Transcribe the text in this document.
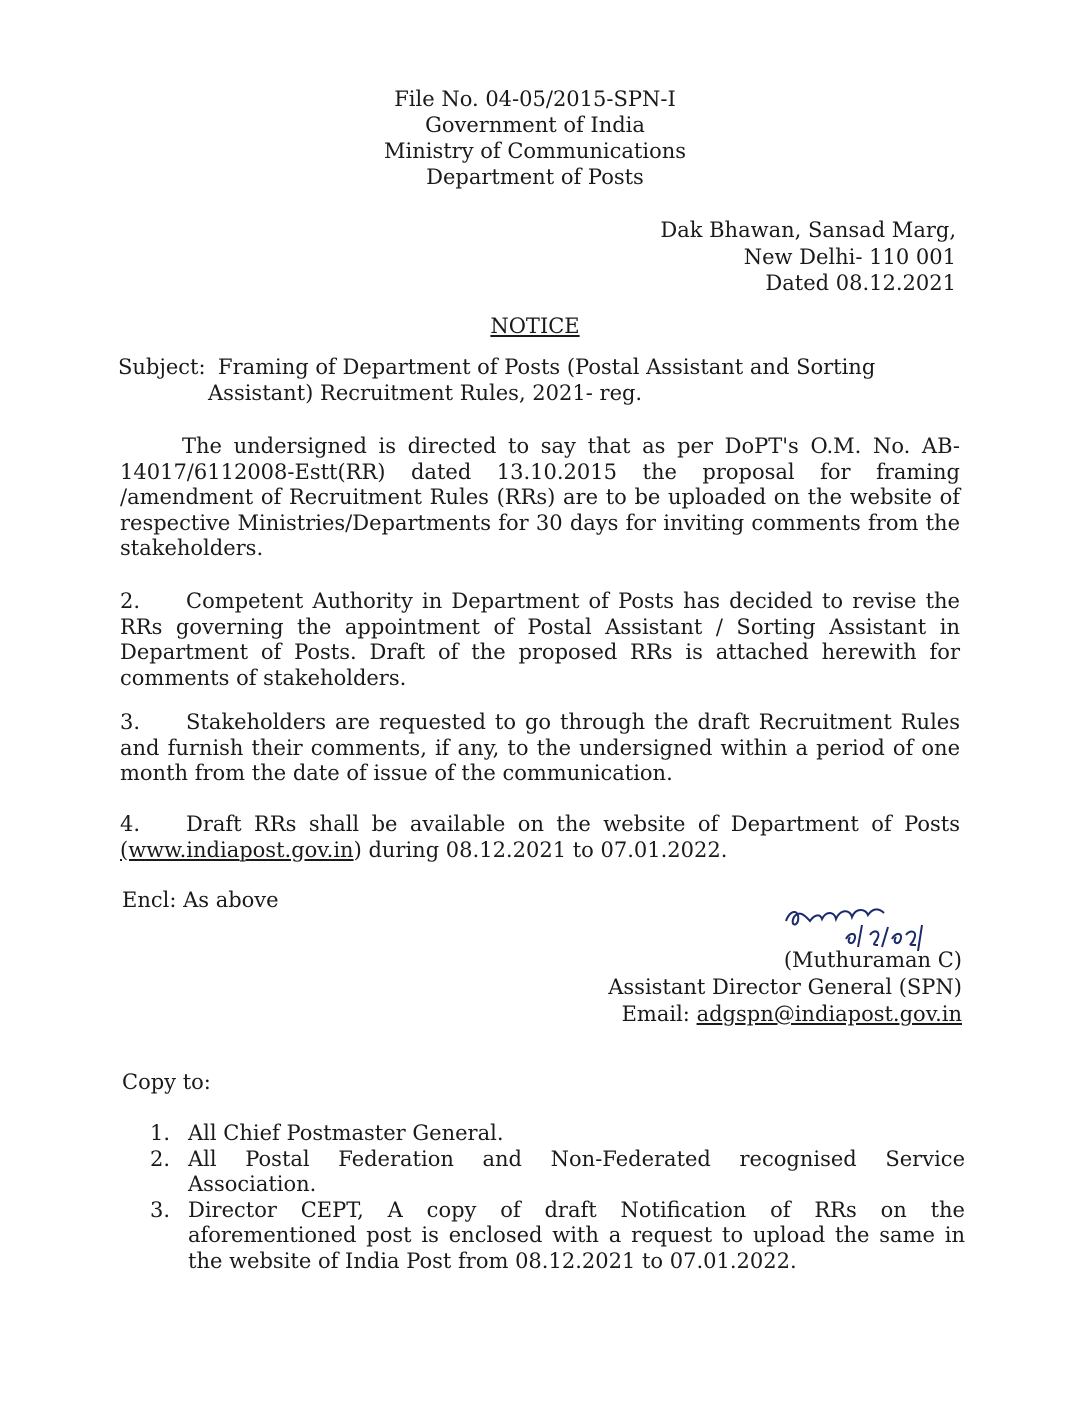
File No. 04-05/2015-SPN-I
Government of India
Ministry of Communications
Department of Posts
Dak Bhawan, Sansad Marg,
New Delhi- 110 001
Dated 08.12.2021
NOTICE
Subject: Framing of Department of Posts (Postal Assistant and Sorting
Assistant) Recruitment Rules, 2021- reg.
The undersigned is directed to say that as per DoPT's O.M. No. AB-14017/6112008-Estt(RR) dated 13.10.2015 the proposal for framing /amendment of Recruitment Rules (RRs) are to be uploaded on the website of respective Ministries/Departments for 30 days for inviting comments from the stakeholders.
2. Competent Authority in Department of Posts has decided to revise the RRs governing the appointment of Postal Assistant / Sorting Assistant in Department of Posts. Draft of the proposed RRs is attached herewith for comments of stakeholders.
3. Stakeholders are requested to go through the draft Recruitment Rules and furnish their comments, if any, to the undersigned within a period of one month from the date of issue of the communication.
4. Draft RRs shall be available on the website of Department of Posts (www.indiapost.gov.in) during 08.12.2021 to 07.01.2022.
Encl: As above
(Muthuraman C)
Assistant Director General (SPN)
Email: adgspn@indiapost.gov.in
Copy to:
1. All Chief Postmaster General.
2. All Postal Federation and Non-Federated recognised Service Association.
3. Director CEPT, A copy of draft Notification of RRs on the aforementioned post is enclosed with a request to upload the same in the website of India Post from 08.12.2021 to 07.01.2022.
